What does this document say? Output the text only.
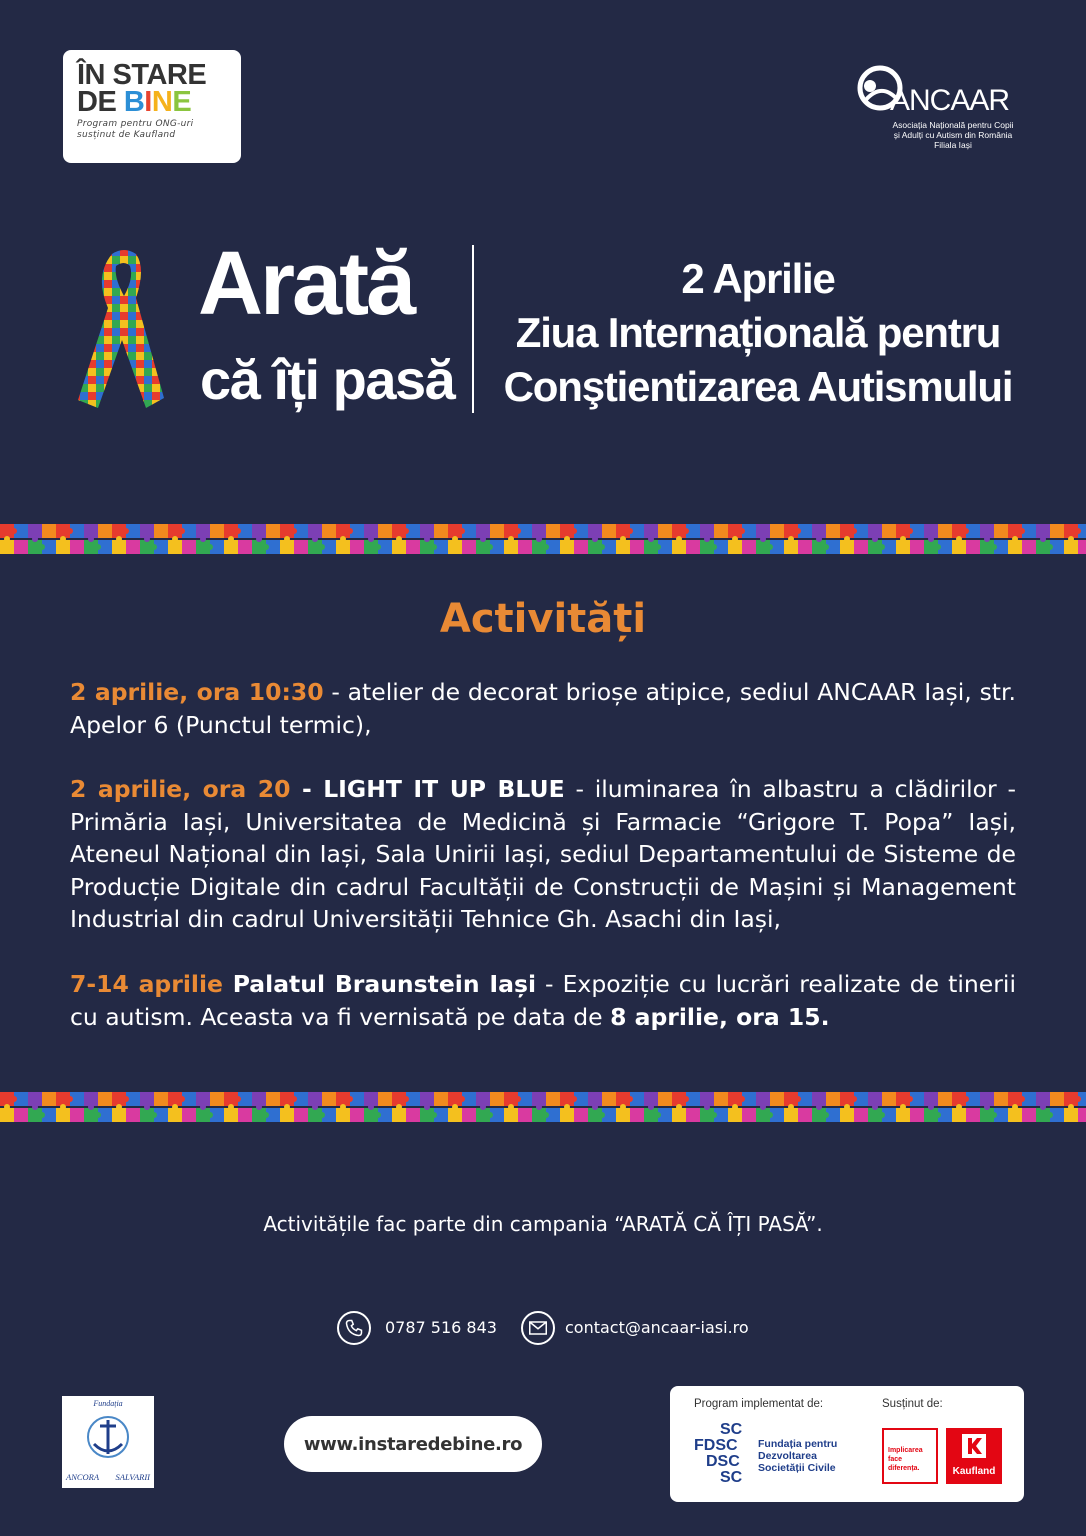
ÎN STARE
DE BINE
Program pentru ONG-uri
susținut de Kaufland
ANCAAR
Asociația Națională pentru Copii
și Adulți cu Autism din România
Filiala Iași
Arată
că îți pasă
2 Aprilie
Ziua Internațională pentru
Conştientizarea Autismului
Activități
2 aprilie, ora 10:30 - atelier de decorat brioșe atipice, sediul ANCAAR Iași, str. Apelor 6 (Punctul termic),
2 aprilie, ora 20 - LIGHT IT UP BLUE - iluminarea în albastru a clădirilor - Primăria Iași, Universitatea de Medicină și Farmacie “Grigore T. Popa” Iași, Ateneul Național din Iași, Sala Unirii Iași, sediul Departamentului de Sisteme de Producție Digitale din cadrul Facultății de Construcții de Mașini și Management Industrial din cadrul Universității Tehnice Gh. Asachi din Iași,
7-14 aprilie Palatul Braunstein Iași - Expoziție cu lucrări realizate de tinerii cu autism. Aceasta va fi vernisată pe data de 8 aprilie, ora 15.
Activitățile fac parte din campania “ARATĂ CĂ ÎȚI PASĂ”.
0787 516 843	contact@ancaar-iasi.ro
Fundația
ANCORA SALVARII
www.instaredebine.ro
Program implementat de:	Susținut de:
SC
FDSC
DSC
SC
Fundația pentru
Dezvoltarea
Societății Civile
Implicarea
face
diferența.	Kaufland
